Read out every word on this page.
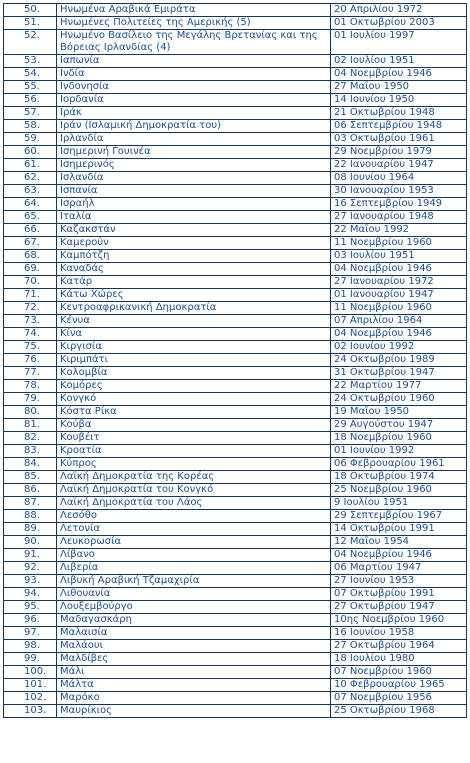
50.	Ηνωμένα Αραβικά Εμιράτα	20 Απριλίου 1972
51.	Ηνωμένες Πολιτείες της Αμερικής (5)	01 Οκτωβρίου 2003
52.	Ηνωμένο Βασίλειο της Μεγάλης Βρετανίας και της Βόρειας Ιρλανδίας (4)	01 Ιουλίου 1997
53.	Ιαπωνία	02 Ιουλίου 1951
54.	Ινδία	04 Νοεμβρίου 1946
55.	Ινδονησία	27 Μαΐου 1950
56.	Ιορδανία	14 Ιουνίου 1950
57.	Ιράκ	21 Οκτωβρίου 1948
58.	Ιράν (Ισλαμική Δημοκρατία του)	06 Σεπτεμβρίου 1948
59.	Ιρλανδία	03 Οκτωβρίου 1961
60.	Ισημερινή Γουινέα	29 Νοεμβρίου 1979
61.	Ισημερινός	22 Ιανουαρίου 1947
62.	Ισλανδία	08 Ιουνίου 1964
63.	Ισπανία	30 Ιανουαρίου 1953
64.	Ισραήλ	16 Σεπτεμβρίου 1949
65.	Ιταλία	27 Ιανουαρίου 1948
66.	Καζακστάν	22 Μαΐου 1992
67.	Καμερούν	11 Νοεμβρίου 1960
68.	Καμπότζη	03 Ιουλίου 1951
69.	Καναδάς	04 Νοεμβρίου 1946
70.	Κατάρ	27 Ιανουαρίου 1972
71.	Κάτω Χώρες	01 Ιανουαρίου 1947
72.	Κεντροαφρικανική Δημοκρατία	11 Νοεμβρίου 1960
73.	Κένυα	07 Απριλίου 1964
74.	Κίνα	04 Νοεμβρίου 1946
75.	Κιργισία	02 Ιουνίου 1992
76.	Κιριμπάτι	24 Οκτωβρίου 1989
77.	Κολομβία	31 Οκτωβρίου 1947
78.	Κομόρες	22 Μαρτίου 1977
79.	Κονγκό	24 Οκτωβρίου 1960
80.	Κόστα Ρίκα	19 Μαΐου 1950
81.	Κούβα	29 Αυγούστου 1947
82.	Κουβέιτ	18 Νοεμβρίου 1960
83.	Κροατία	01 Ιουνίου 1992
84.	Κύπρος	06 Φεβρουαρίου 1961
85.	Λαϊκή Δημοκρατία της Κορέας	18 Οκτωβρίου 1974
86.	Λαϊκή Δημοκρατία του Κονγκό	25 Νοεμβρίου 1960
87.	Λαϊκή Δημοκρατία του Λάος	9 Ιουλίου 1951
88.	Λεσόθο	29 Σεπτεμβρίου 1967
89.	Λετονία	14 Οκτωβρίου 1991
90.	Λευκορωσία	12 Μαΐου 1954
91.	Λίβανο	04 Νοεμβρίου 1946
92.	Λιβερία	06 Μαρτίου 1947
93.	Λιβυκή Αραβική Τζαμαχιρία	27 Ιουνίου 1953
94.	Λιθουανία	07 Οκτωβρίου 1991
95.	Λουξεμβούργο	27 Οκτωβρίου 1947
96.	Μαδαγασκάρη	10ης Νοεμβρίου 1960
97.	Μαλαισία	16 Ιουνίου 1958
98.	Μαλάουι	27 Οκτωβρίου 1964
99.	Μαλδίβες	18 Ιουλίου 1980
100.	Μάλι	07 Νοεμβρίου 1960
101.	Μάλτα	10 Φεβρουαρίου 1965
102.	Μαρόκο	07 Νοεμβρίου 1956
103.	Μαυρίκιος	25 Οκτωβρίου 1968
